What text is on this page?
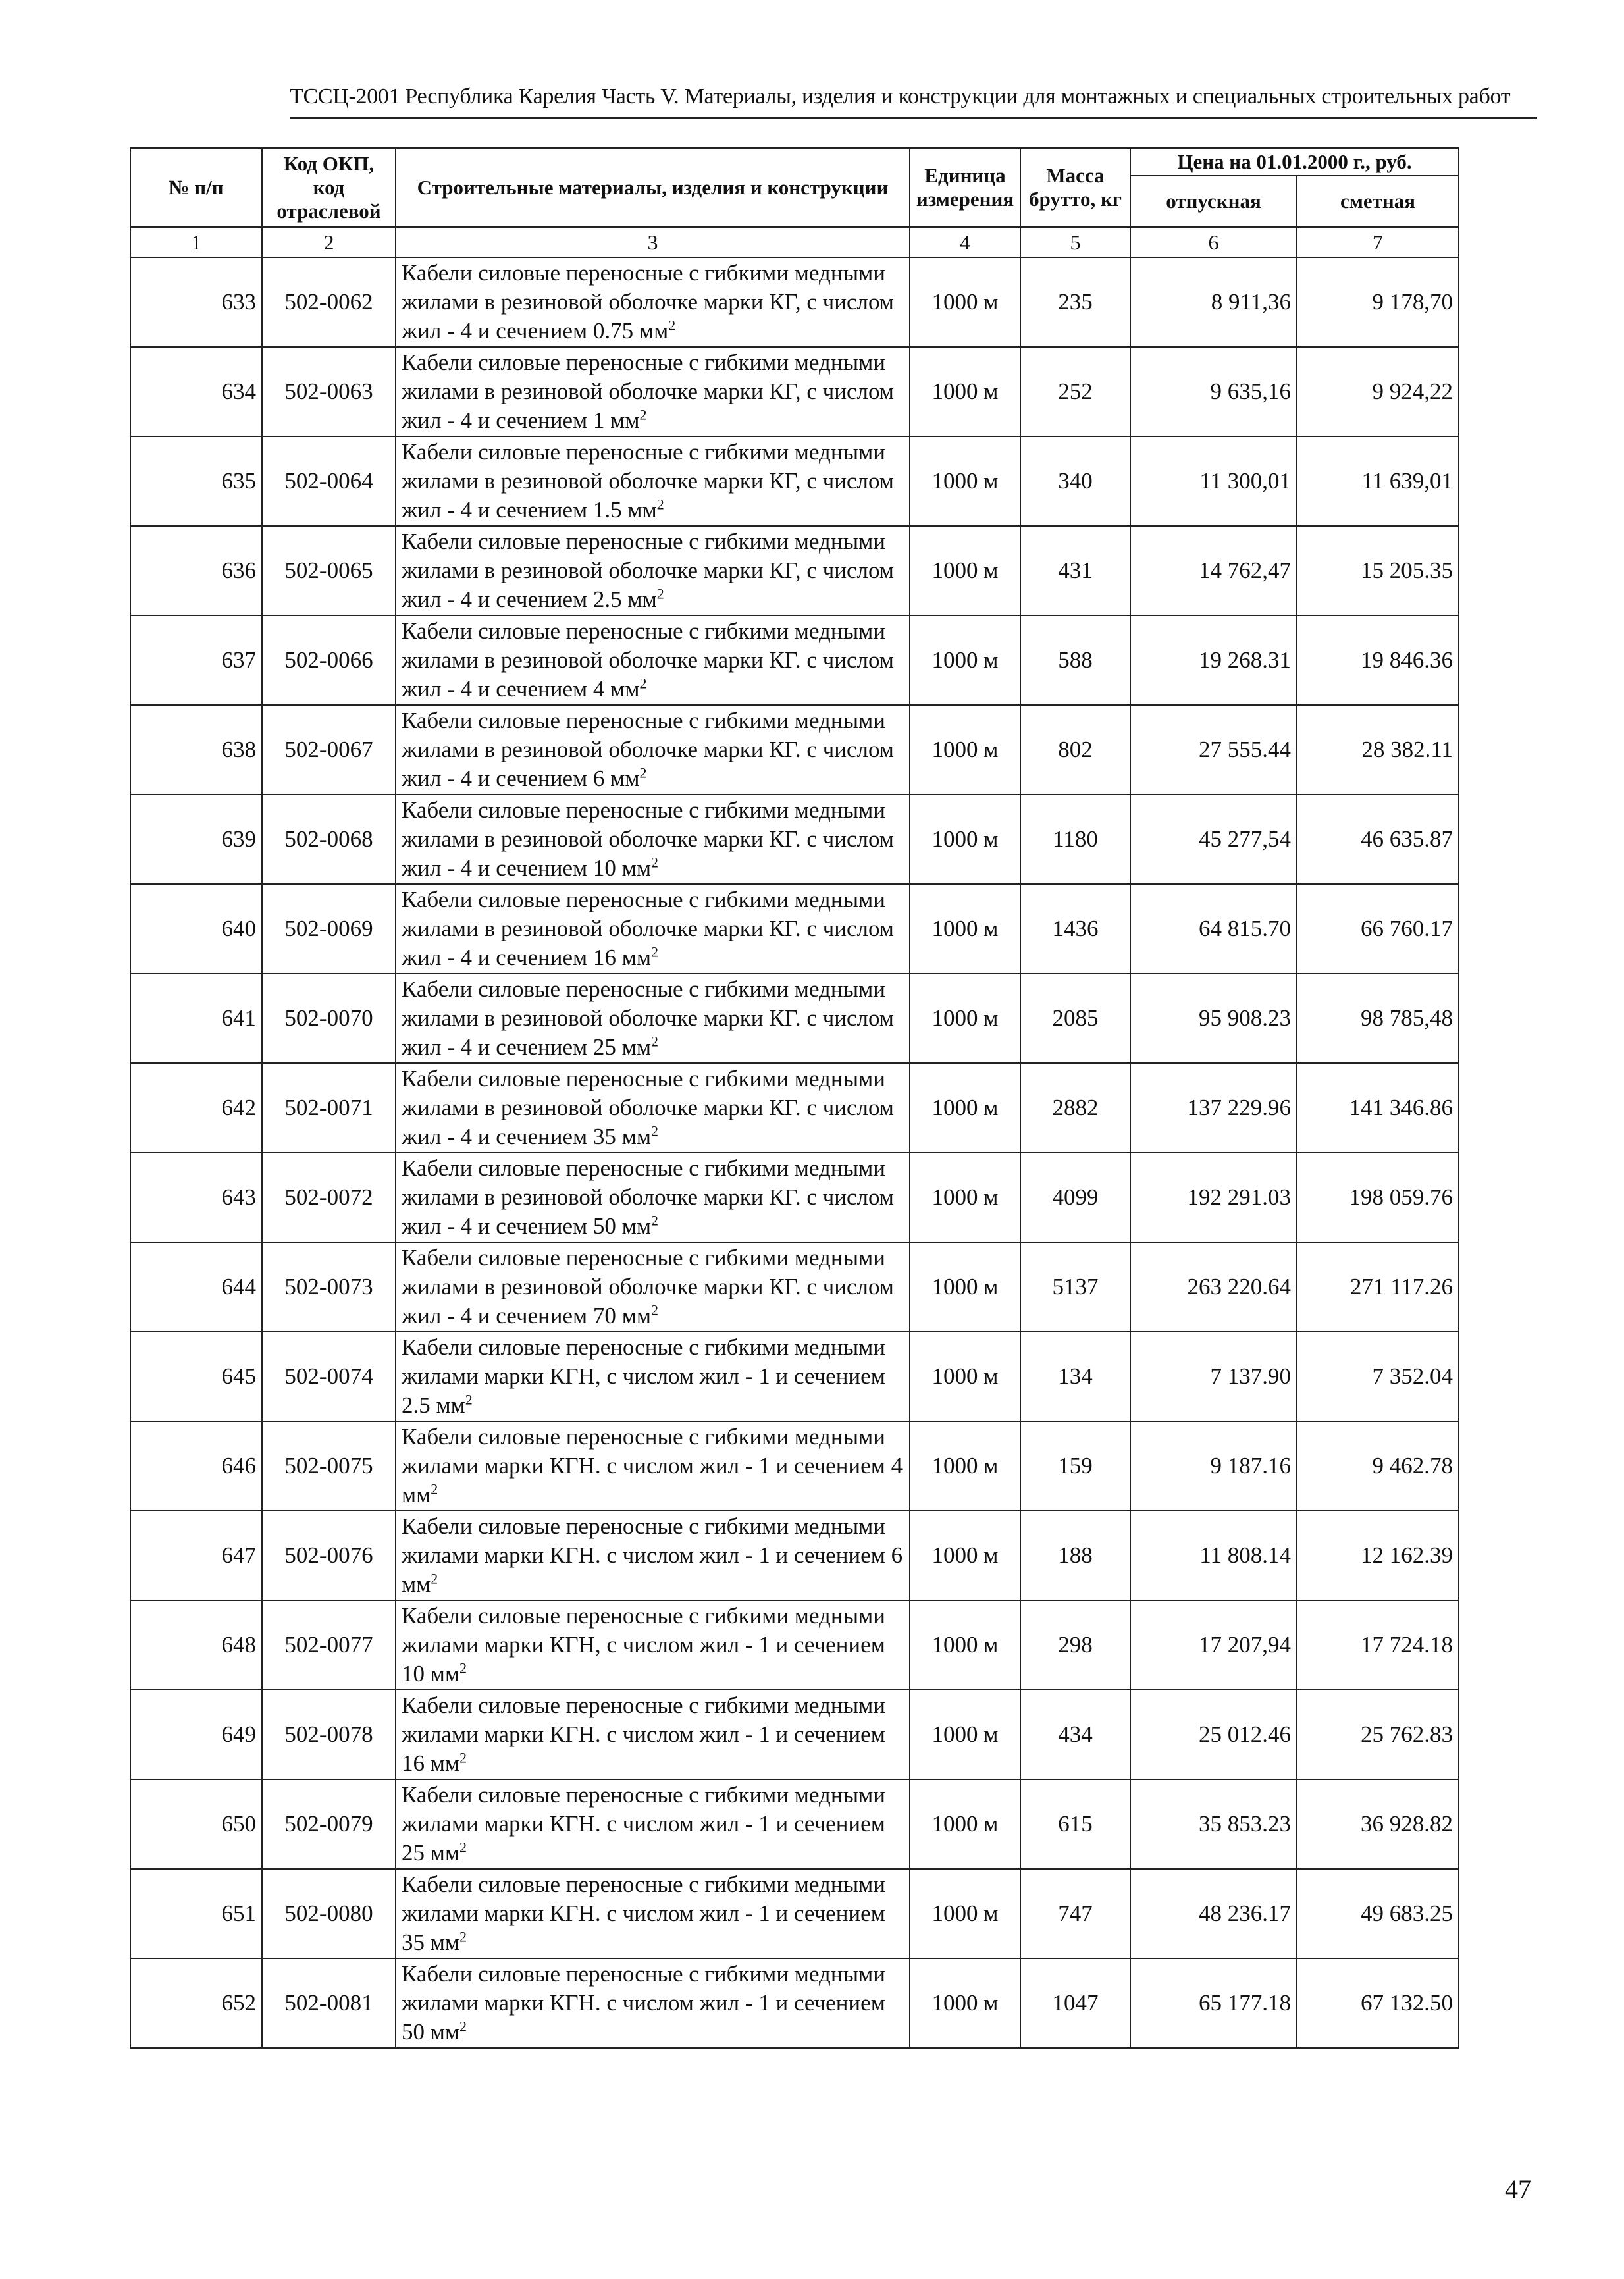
ТССЦ-2001 Республика Карелия Часть V. Материалы, изделия и конструкции для монтажных и специальных строительных работ
№ п/п	Код ОКП, код отраслевой	Строительные материалы, изделия и конструкции	Единица измерения	Масса брутто, кг	Цена на 01.01.2000 г., руб.	
					отпускная	сметная
1	2	3	4	5	6	7
633	502-0062	Кабели силовые переносные с гибкими медными жилами в резиновой оболочке марки КГ, с числом жил - 4 и сечением 0.75 $мм^2$	1000 м	235	8 911,36	9 178,70
634	502-0063	Кабели силовые переносные с гибкими медными жилами в резиновой оболочке марки КГ, с числом жил - 4 и сечением 1 $мм^2$	1000 м	252	9 635,16	9 924,22
635	502-0064	Кабели силовые переносные с гибкими медными жилами в резиновой оболочке марки КГ, с числом жил - 4 и сечением 1.5 $мм^2$	1000 м	340	11 300,01	11 639,01
636	502-0065	Кабели силовые переносные с гибкими медными жилами в резиновой оболочке марки КГ, с числом жил - 4 и сечением 2.5 $мм^2$	1000 м	431	14 762,47	15 205.35
637	502-0066	Кабели силовые переносные с гибкими медными жилами в резиновой оболочке марки КГ. с числом жил - 4 и сечением 4 $мм^2$	1000 м	588	19 268.31	19 846.36
638	502-0067	Кабели силовые переносные с гибкими медными жилами в резиновой оболочке марки КГ. с числом жил - 4 и сечением 6 $мм^2$	1000 м	802	27 555.44	28 382.11
639	502-0068	Кабели силовые переносные с гибкими медными жилами в резиновой оболочке марки КГ. с числом жил - 4 и сечением 10 $мм^2$	1000 м	1180	45 277,54	46 635.87
640	502-0069	Кабели силовые переносные с гибкими медными жилами в резиновой оболочке марки КГ. с числом жил - 4 и сечением 16 $мм^2$	1000 м	1436	64 815.70	66 760.17
641	502-0070	Кабели силовые переносные с гибкими медными жилами в резиновой оболочке марки КГ. с числом жил - 4 и сечением 25 $мм^2$	1000 м	2085	95 908.23	98 785,48
642	502-0071	Кабели силовые переносные с гибкими медными жилами в резиновой оболочке марки КГ. с числом жил - 4 и сечением 35 $мм^2$	1000 м	2882	137 229.96	141 346.86
643	502-0072	Кабели силовые переносные с гибкими медными жилами в резиновой оболочке марки КГ. с числом жил - 4 и сечением 50 $мм^2$	1000 м	4099	192 291.03	198 059.76
644	502-0073	Кабели силовые переносные с гибкими медными жилами в резиновой оболочке марки КГ. с числом жил - 4 и сечением 70 $мм^2$	1000 м	5137	263 220.64	271 117.26
645	502-0074	Кабели силовые переносные с гибкими медными жилами марки КГН, с числом жил - 1 и сечением 2.5 $мм^2$	1000 м	134	7 137.90	7 352.04
646	502-0075	Кабели силовые переносные с гибкими медными жилами марки КГН. с числом жил - 1 и сечением 4 $мм^2$	1000 м	159	9 187.16	9 462.78
647	502-0076	Кабели силовые переносные с гибкими медными жилами марки КГН. с числом жил - 1 и сечением 6 $мм^2$	1000 м	188	11 808.14	12 162.39
648	502-0077	Кабели силовые переносные с гибкими медными жилами марки КГН, с числом жил - 1 и сечением 10 $мм^2$	1000 м	298	17 207,94	17 724.18
649	502-0078	Кабели силовые переносные с гибкими медными жилами марки КГН. с числом жил - 1 и сечением 16 $мм^2$	1000 м	434	25 012.46	25 762.83
650	502-0079	Кабели силовые переносные с гибкими медными жилами марки КГН. с числом жил - 1 и сечением 25 $мм^2$	1000 м	615	35 853.23	36 928.82
651	502-0080	Кабели силовые переносные с гибкими медными жилами марки КГН. с числом жил - 1 и сечением 35 $мм^2$	1000 м	747	48 236.17	49 683.25
652	502-0081	Кабели силовые переносные с гибкими медными жилами марки КГН. с числом жил - 1 и сечением 50 $мм^2$	1000 м	1047	65 177.18	67 132.50
47
